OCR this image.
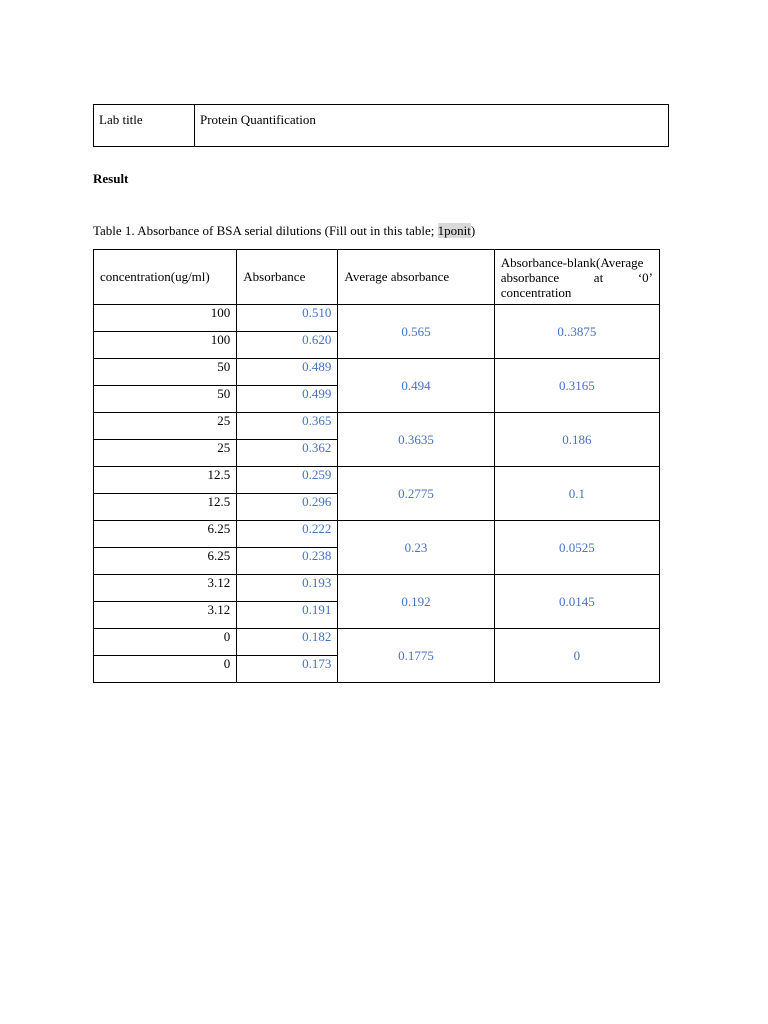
Lab title	Protein Quantification

Result

Table 1. Absorbance of BSA serial dilutions (Fill out in this table; 1ponit)

concentration(ug/ml)	Absorbance	Average absorbance	Absorbance-blank(Average absorbance at ‘0’ concentration
100	0.510	0.565	0..3875
100	0.620		
50	0.489	0.494	0.3165
50	0.499		
25	0.365	0.3635	0.186
25	0.362		
12.5	0.259	0.2775	0.1
12.5	0.296		
6.25	0.222	0.23	0.0525
6.25	0.238		
3.12	0.193	0.192	0.0145
3.12	0.191		
0	0.182	0.1775	0
0	0.173		
